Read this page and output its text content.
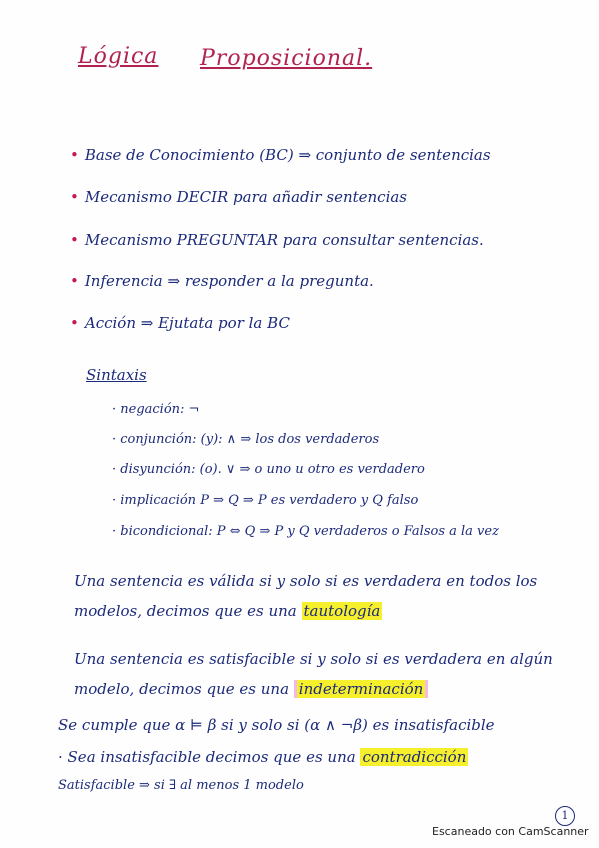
Lógica Proposicional.
• Base de Conocimiento (BC) ⇒ conjunto de sentencias
• Mecanismo DECIR para añadir sentencias
• Mecanismo PREGUNTAR para consultar sentencias.
• Inferencia ⇒ responder a la pregunta.
• Acción ⇒ Ejutata por la BC
Sintaxis
· negación: ¬
· conjunción: (y): ∧ ⇒ los dos verdaderos
· disyunción: (o). ∨ ⇒ o uno u otro es verdadero
· implicación P ⇒ Q ⇒ P es verdadero y Q falso
· bicondicional: P ⇔ Q ⇒ P y Q verdaderos o Falsos a la vez
Una sentencia es válida si y solo si es verdadera en todos los
modelos, decimos que es una tautología
Una sentencia es satisfacible si y solo si es verdadera en algún
modelo, decimos que es una indeterminación
Se cumple que α ⊨ β si y solo si (α ∧ ¬β) es insatisfacible
· Sea insatisfacible decimos que es una contradicción
Satisfacible ⇒ si ∃ al menos 1 modelo
1
Escaneado con CamScanner
